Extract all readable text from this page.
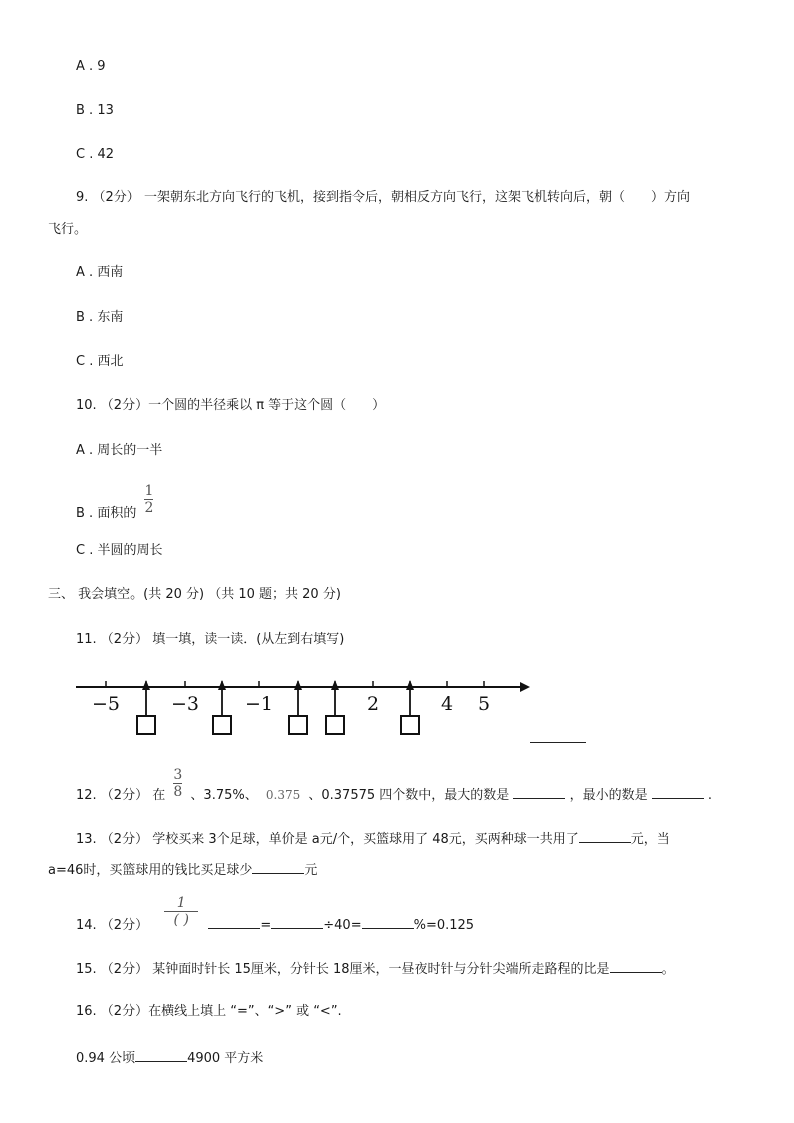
A . 9
B . 13
C . 42
9. （2分） 一架朝东北方向飞行的飞机，接到指令后，朝相反方向飞行，这架飞机转向后，朝（　　）方向
飞行。
A . 西南
B . 东南
C . 西北
10. （2分）一个圆的半径乘以 π 等于这个圆（　　）
A . 周长的一半
B . 面积的 $\frac{1}{2}$
C . 半圆的周长
三、 我会填空。(共 20 分) （共 10 题；共 20 分)
11. （2分） 填一填，读一读．(从左到右填写)
−5	−3 −1	2	4 5
12. （2分） 在 $\frac{3}{8}$ 、3.75%、 0.375 、0.37575 四个数中，最大的数是	，最小的数是	.
13. （2分） 学校买来 3个足球，单价是 a元/个，买篮球用了 48元，买两种球一共用了	元，当
a=46时，买篮球用的钱比买足球少	元
14. （2分） $\frac{1}{( )}$	=	÷40=	%=0.125
15. （2分） 某钟面时针长 15厘米，分针长 18厘米，一昼夜时针与分针尖端所走路程的比是	。
16. （2分）在横线上填上 “=”、“>” 或 “<”.
0.94 公顷	4900 平方米
